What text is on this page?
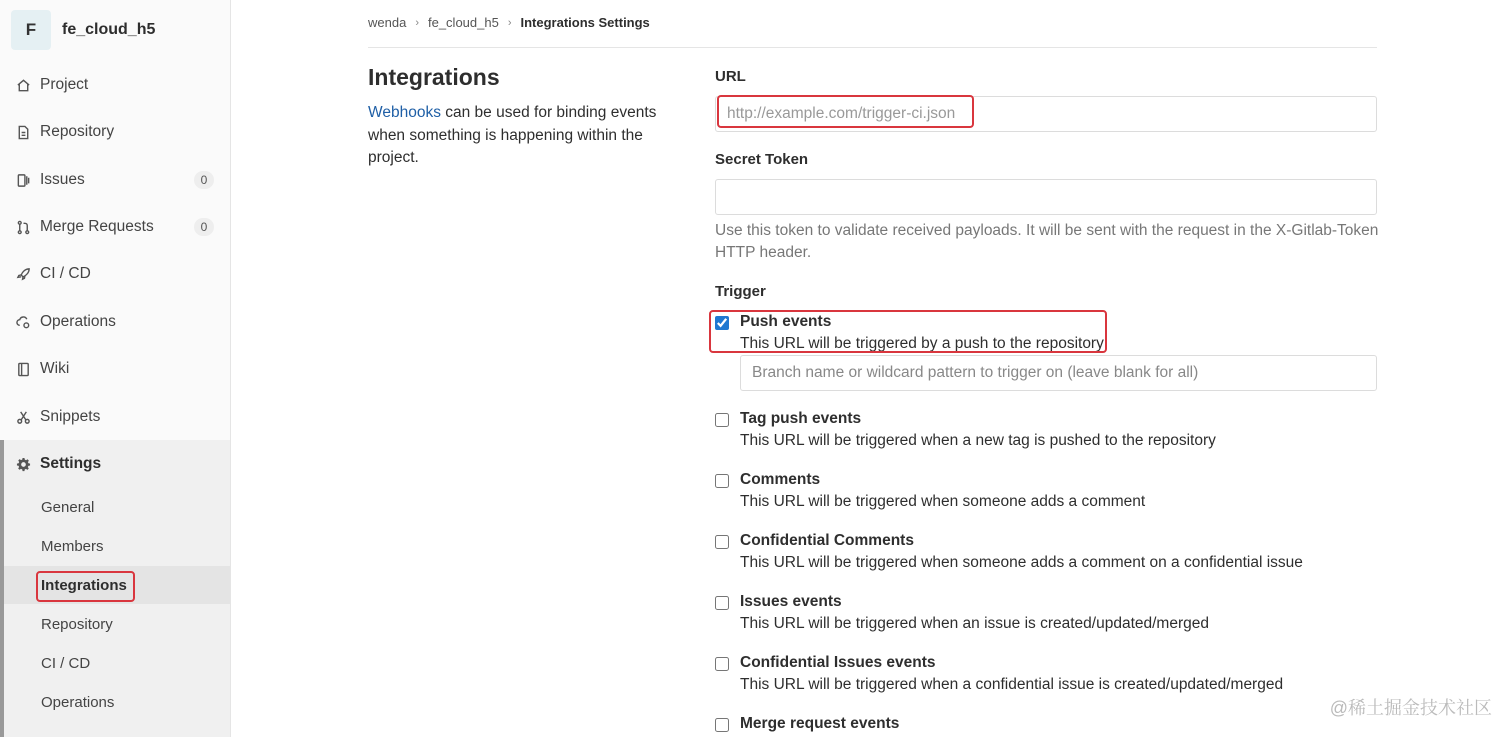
F	fe_cloud_h5
Project
Repository
Issues	0
Merge Requests	0
CI / CD
Operations
Wiki
Snippets
Settings
General
Members
Integrations
Repository
CI / CD
Operations
wenda › fe_cloud_h5 › Integrations Settings
Integrations

Webhooks can be used for binding events when something is happening within the project.

URL
http://example.com/trigger-ci.json
Secret Token

Use this token to validate received payloads. It will be sent with the request in the X-Gitlab-Token HTTP header.

Trigger
Push events
This URL will be triggered by a push to the repository
Branch name or wildcard pattern to trigger on (leave blank for all)
Tag push events
This URL will be triggered when a new tag is pushed to the repository
Comments
This URL will be triggered when someone adds a comment
Confidential Comments
This URL will be triggered when someone adds a comment on a confidential issue
Issues events
This URL will be triggered when an issue is created/updated/merged
Confidential Issues events
This URL will be triggered when a confidential issue is created/updated/merged
Merge request events
@稀土掘金技术社区
